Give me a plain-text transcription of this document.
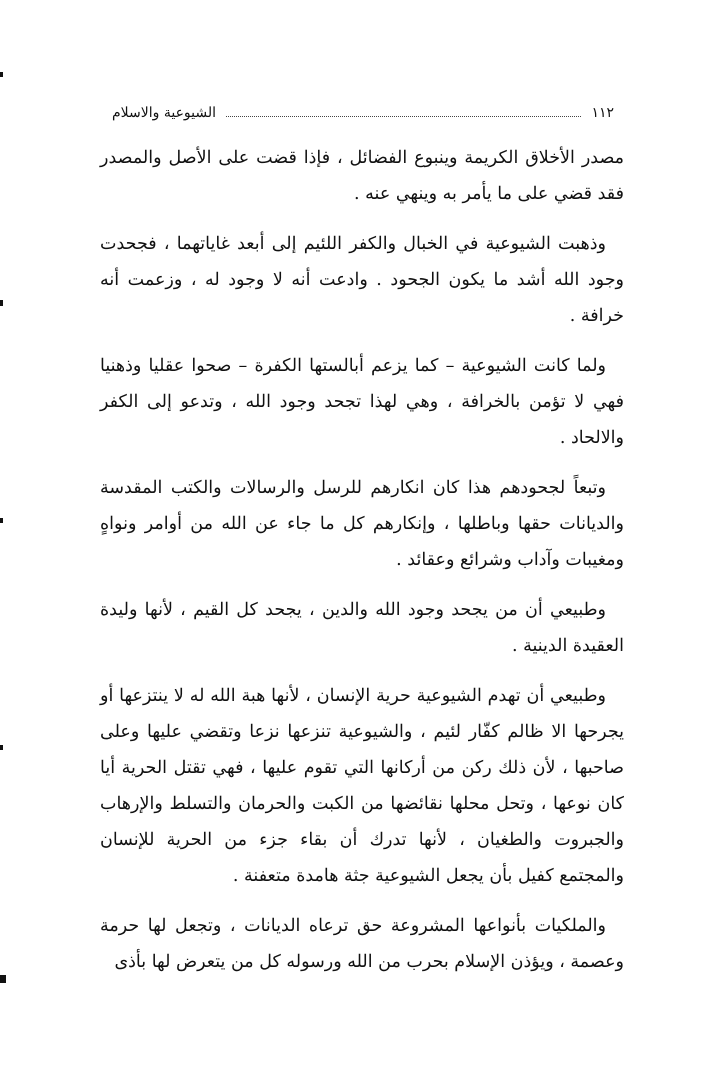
١١٢
الشيوعية والاسلام

مصدر الأخلاق الكريمة وينبوع الفضائل ، فإذا قضت على الأصل والمصدر فقد قضي على ما يأمر به وينهي عنه .

وذهبت الشيوعية في الخبال والكفر اللئيم إلى أبعد غاياتهما ، فجحدت وجود الله أشد ما يكون الجحود . وادعت أنه لا وجود له ، وزعمت أنه خرافة .

ولما كانت الشيوعية – كما يزعم أبالستها الكفرة – صحوا عقليا وذهنيا فهي لا تؤمن بالخرافة ، وهي لهذا تجحد وجود الله ، وتدعو إلى الكفر والالحاد .

وتبعاً لجحودهم هذا كان انكارهم للرسل والرسالات والكتب المقدسة والديانات حقها وباطلها ، وإنكارهم كل ما جاء عن الله من أوامر ونواهٍ ومغيبات وآداب وشرائع وعقائد .

وطبيعي أن من يجحد وجود الله والدين ، يجحد كل القيم ، لأنها وليدة العقيدة الدينية .

وطبيعي أن تهدم الشيوعية حرية الإنسان ، لأنها هبة الله له لا ينتزعها أو يجرحها الا ظالم كفّار لئيم ، والشيوعية تنزعها نزعا وتقضي عليها وعلى صاحبها ، لأن ذلك ركن من أركانها التي تقوم عليها ، فهي تقتل الحرية أيا كان نوعها ، وتحل محلها نقائضها من الكبت والحرمان والتسلط والإرهاب والجبروت والطغيان ، لأنها تدرك أن بقاء جزء من الحرية للإنسان والمجتمع كفيل بأن يجعل الشيوعية جثة هامدة متعفنة .

والملكيات بأنواعها المشروعة حق ترعاه الديانات ، وتجعل لها حرمة وعصمة ، ويؤذن الإسلام بحرب من الله ورسوله كل من يتعرض لها بأذى
